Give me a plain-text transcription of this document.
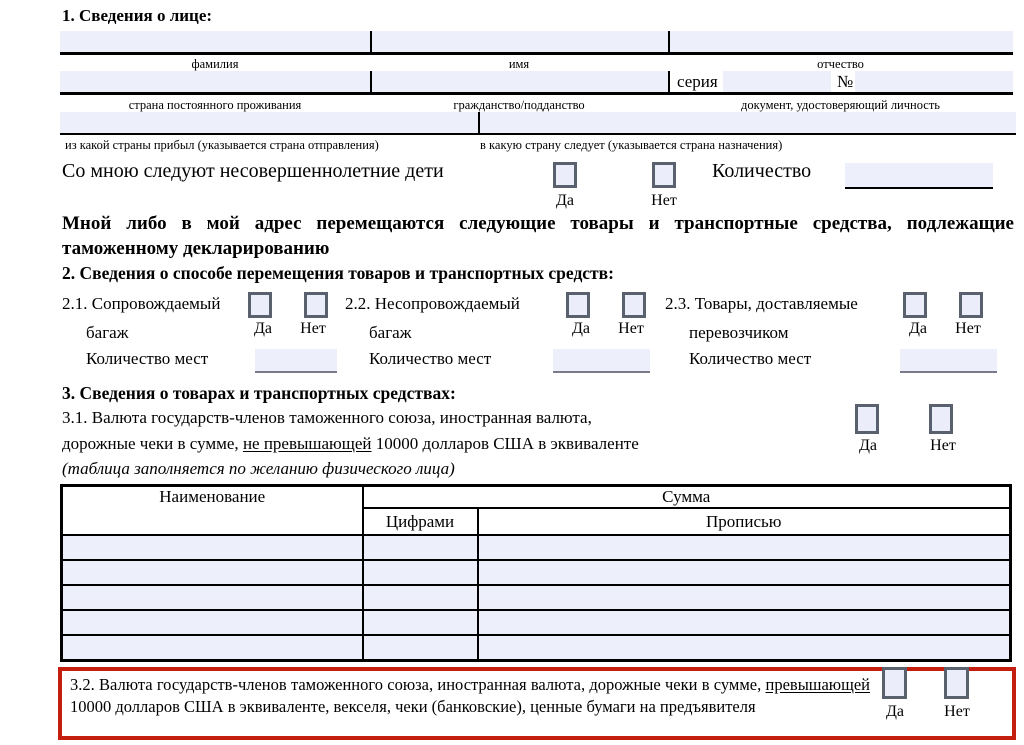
1. Сведения о лице:
фамилия	имя	отчество
серия	№
страна постоянного проживания	гражданство/подданство	документ, удостоверяющий личность
из какой страны прибыл (указывается страна отправления)	в какую страну следует (указывается страна назначения)
Со мною следуют несовершеннолетние дети
Да	Нет
Количество
Мной либо в мой адрес перемещаются следующие товары и транспортные средства, подлежащие таможенному декларированию
2. Сведения о способе перемещения товаров и транспортных средств:
2.1. Сопровождаемый
багаж
Количество мест
Да	Нет
2.2. Несопровождаемый
багаж
Количество мест
Да	Нет
2.3. Товары, доставляемые
перевозчиком
Количество мест
Да	Нет
3. Сведения о товарах и транспортных средствах:
3.1. Валюта государств-членов таможенного союза, иностранная валюта,
дорожные чеки в сумме, не превышающей 10000 долларов США в эквиваленте
(таблица заполняется по желанию физического лица)
Да	Нет
Наименование	Сумма	
	Цифрами	Прописью

3.2. Валюта государств-членов таможенного союза, иностранная валюта, дорожные чеки в сумме, превышающей 10000 долларов США в эквиваленте, векселя, чеки (банковские), ценные бумаги на предъявителя	Да	Нет
